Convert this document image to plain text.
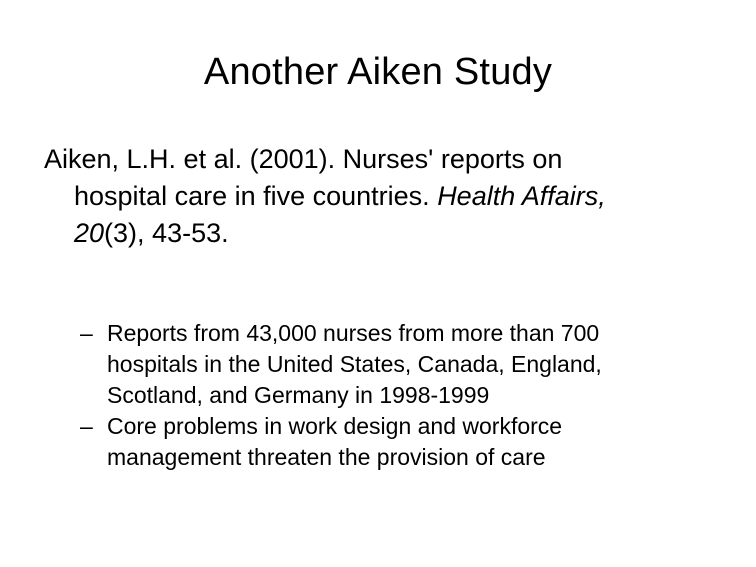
Another Aiken Study
Aiken, L.H. et al. (2001). Nurses' reports on
hospital care in five countries. Health Affairs,
20(3), 43-53.
– Reports from 43,000 nurses from more than 700
hospitals in the United States, Canada, England,
Scotland, and Germany in 1998-1999
– Core problems in work design and workforce
management threaten the provision of care
